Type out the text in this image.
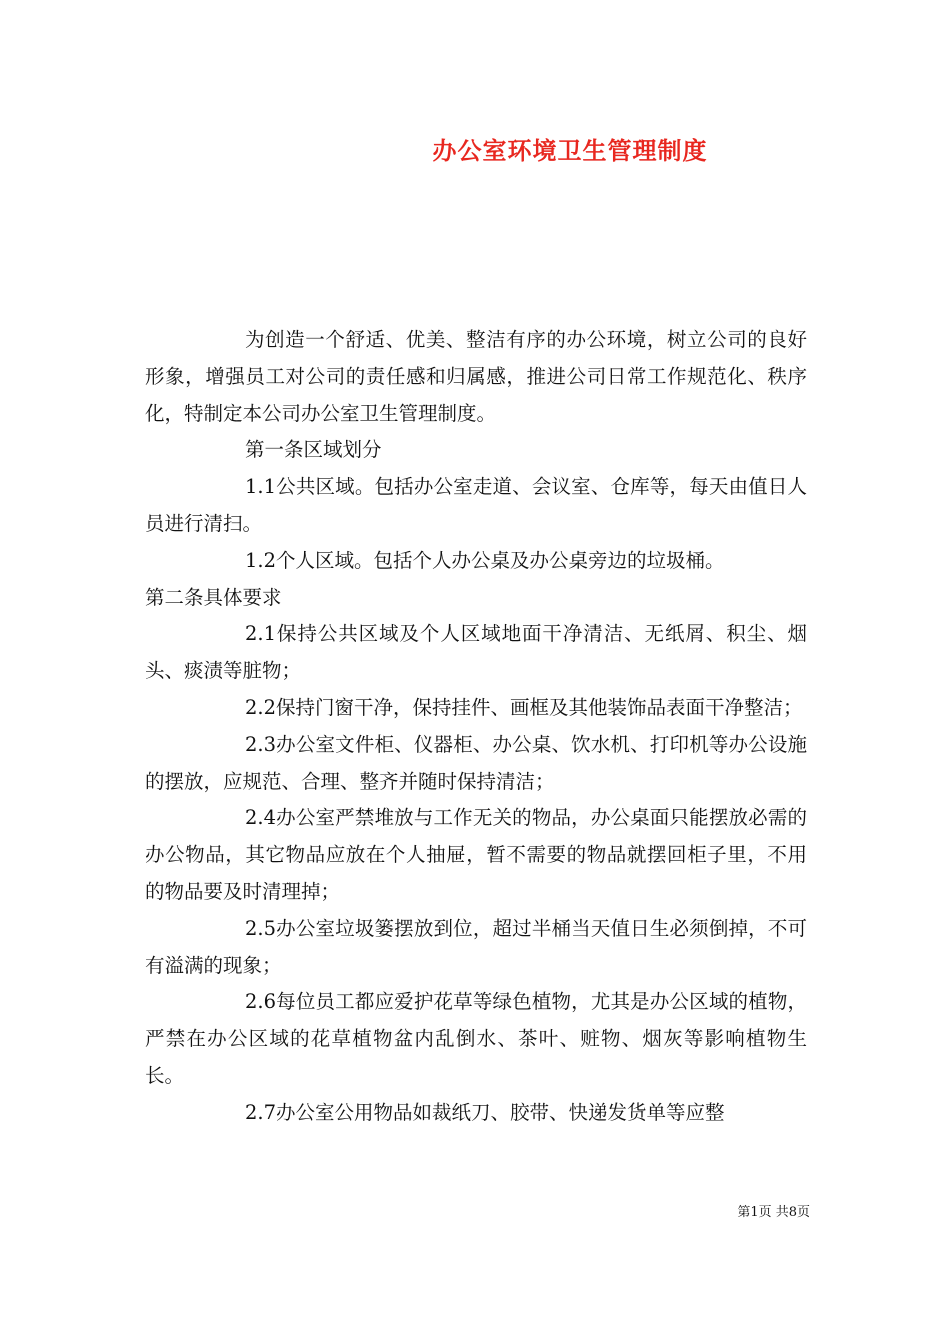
办公室环境卫生管理制度

为创造一个舒适、优美、整洁有序的办公环境，树立公司的良好形象，增强员工对公司的责任感和归属感，推进公司日常工作规范化、秩序化，特制定本公司办公室卫生管理制度。

第一条区域划分

1.1公共区域。包括办公室走道、会议室、仓库等，每天由值日人员进行清扫。

1.2个人区域。包括个人办公桌及办公桌旁边的垃圾桶。

第二条具体要求

2.1保持公共区域及个人区域地面干净清洁、无纸屑、积尘、烟头、痰渍等脏物；

2.2保持门窗干净，保持挂件、画框及其他装饰品表面干净整洁；

2.3办公室文件柜、仪器柜、办公桌、饮水机、打印机等办公设施的摆放，应规范、合理、整齐并随时保持清洁；

2.4办公室严禁堆放与工作无关的物品，办公桌面只能摆放必需的办公物品，其它物品应放在个人抽屉，暂不需要的物品就摆回柜子里，不用的物品要及时清理掉；

2.5办公室垃圾篓摆放到位，超过半桶当天值日生必须倒掉，不可有溢满的现象；

2.6每位员工都应爱护花草等绿色植物，尤其是办公区域的植物，严禁在办公区域的花草植物盆内乱倒水、茶叶、赃物、烟灰等影响植物生长。

2.7办公室公用物品如裁纸刀、胶带、快递发货单等应整

第1页 共8页
